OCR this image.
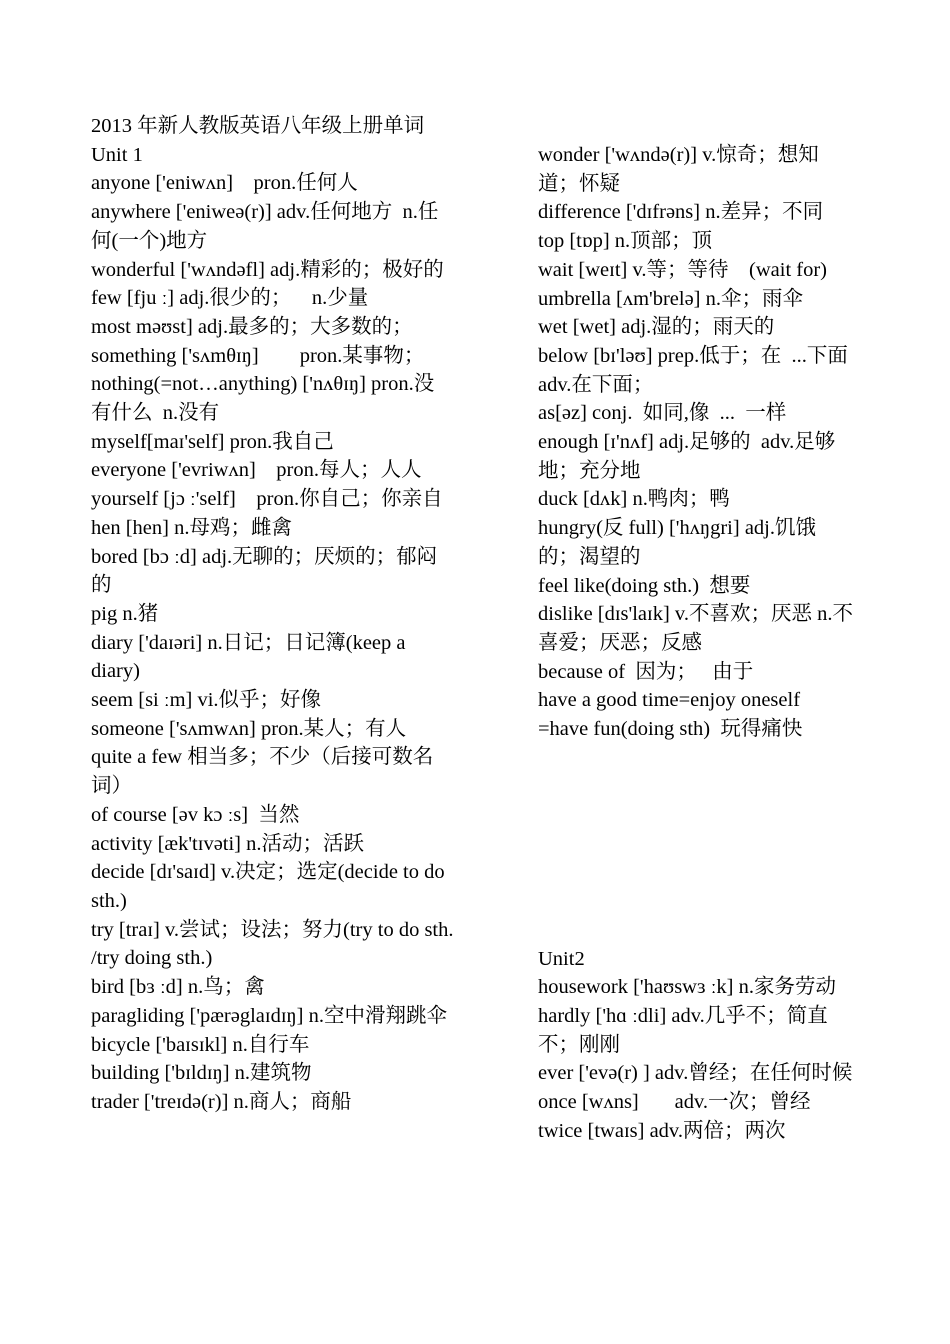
2013 年新人教版英语八年级上册单词
Unit 1
anyone ['eniwʌn]    pron.任何人
anywhere ['eniweə(r)] adv.任何地方  n.任何(一个)地方
wonderful ['wʌndəfl] adj.精彩的；极好的
few [fju ː] adj.很少的；    n.少量
most məʊst] adj.最多的；大多数的；
something ['sʌmθɪŋ]        pron.某事物；
nothing(=not…anything) ['nʌθɪŋ] pron.没有什么  n.没有
myself[maɪ'self] pron.我自己
everyone ['evriwʌn]    pron.每人；人人
yourself [jɔ ː'self]    pron.你自己；你亲自
hen [hen] n.母鸡；雌禽
bored [bɔ ːd] adj.无聊的；厌烦的；郁闷的
pig n.猪
diary ['daɪəri] n.日记；日记簿(keep a diary)
seem [si ːm] vi.似乎；好像
someone ['sʌmwʌn] pron.某人；有人
quite a few 相当多；不少（后接可数名词）
of course [əv kɔ ːs]  当然
activity [æk'tɪvəti] n.活动；活跃
decide [dɪ'saɪd] v.决定；选定(decide to do sth.)
try [traɪ] v.尝试；设法；努力(try to do sth. /try doing sth.)
bird [bɜ ːd] n.鸟；禽
paragliding ['pærəglaɪdɪŋ] n.空中滑翔跳伞
bicycle ['baɪsɪkl] n.自行车
building ['bɪldɪŋ] n.建筑物
trader ['treɪdə(r)] n.商人；商船
wonder ['wʌndə(r)] v.惊奇；想知道；怀疑
difference ['dɪfrəns] n.差异；不同
top [tɒp] n.顶部；顶
wait [weɪt] v.等；等待    (wait for)
umbrella [ʌm'brelə] n.伞；雨伞
wet [wet] adj.湿的；雨天的
below [bɪ'ləʊ] prep.低于；在  ...下面  adv.在下面；
as[əz] conj.  如同,像  ...  一样
enough [ɪ'nʌf] adj.足够的  adv.足够地；充分地
duck [dʌk] n.鸭肉；鸭
hungry(反 full) ['hʌŋgri] adj.饥饿的；渴望的
feel like(doing sth.)  想要
dislike [dɪs'laɪk] v.不喜欢；厌恶 n.不喜爱；厌恶；反感
because of  因为；   由于
have a good time=enjoy oneself
=have fun(doing sth)  玩得痛快
Unit2
housework ['haʊswɜ ːk] n.家务劳动
hardly ['hɑ ːdli] adv.几乎不；简直不；刚刚
ever ['evə(r) ] adv.曾经；在任何时候
once [wʌns]       adv.一次；曾经
twice [twaɪs] adv.两倍；两次
